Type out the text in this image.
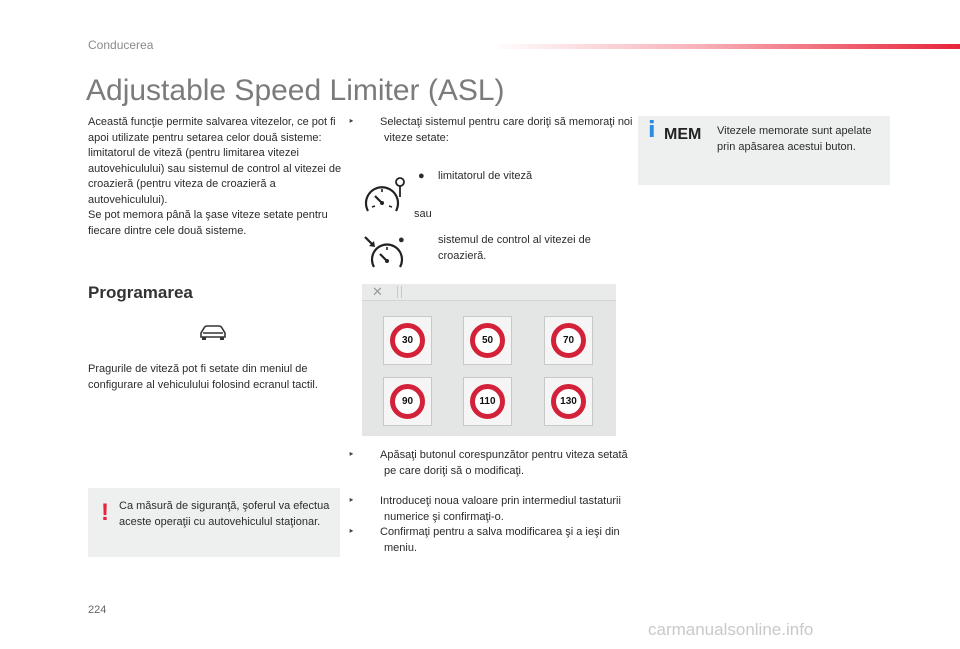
Conducerea
Adjustable Speed Limiter (ASL)

Această funcţie permite salvarea vitezelor, ce pot fi apoi utilizate pentru setarea celor două sisteme: limitatorul de viteză (pentru limitarea vitezei autovehiculului) sau sistemul de control al vitezei de croazieră (pentru viteza de croazieră a autovehiculului).

Se pot memora până la şase viteze setate pentru fiecare dintre cele două sisteme.

Programarea
Pragurile de viteză pot fi setate din meniul de configurare al vehiculului folosind ecranul tactil.
! Ca măsură de siguranţă, şoferul va efectua aceste operaţii cu autovehiculul staţionar.
‣ Selectaţi sistemul pentru care doriţi să memoraţi noi viteze setate:
● limitatorul de viteză
sau
●	sistemul de control al vitezei de croazieră.
✕
30	50	70
90	110	130
‣ Apăsaţi butonul corespunzător pentru viteza setată pe care doriţi să o modificaţi.
‣ Introduceţi noua valoare prin intermediul tastaturii numerice şi confirmaţi-o.
‣ Confirmaţi pentru a salva modificarea şi a ieşi din meniu.
i MEM Vitezele memorate sunt apelate prin apăsarea acestui buton.
224
carmanualsonline.info
